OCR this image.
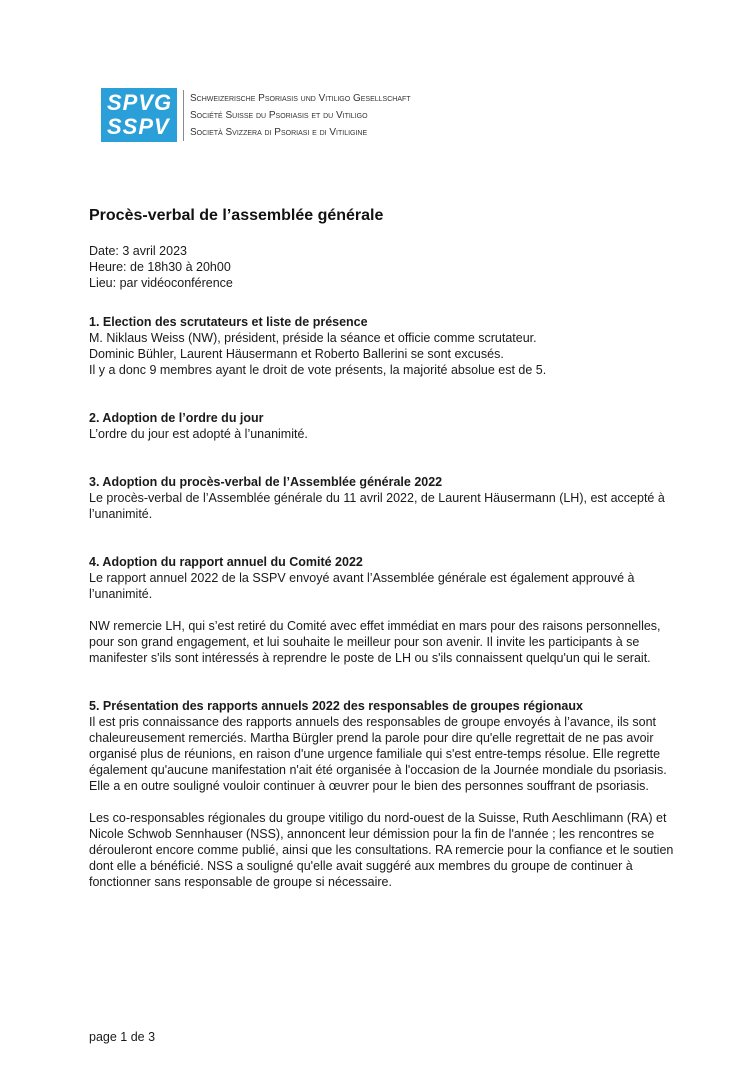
SPVG
SSPV
Schweizerische Psoriasis und Vitiligo Gesellschaft
Société Suisse du Psoriasis et du Vitiligo
Società Svizzera di Psoriasi e di Vitiligine
Procès-verbal de l’assemblée générale

Date: 3 avril 2023

Heure: de 18h30 à 20h00

Lieu: par vidéoconférence

1. Election des scrutateurs et liste de présence

M. Niklaus Weiss (NW), président, préside la séance et officie comme scrutateur.

Dominic Bühler, Laurent Häusermann et Roberto Ballerini se sont excusés.

Il y a donc 9 membres ayant le droit de vote présents, la majorité absolue est de 5.

2. Adoption de l’ordre du jour

L’ordre du jour est adopté à l’unanimité.

3. Adoption du procès-verbal de l’Assemblée générale 2022

Le procès-verbal de l’Assemblée générale du 11 avril 2022, de Laurent Häusermann (LH), est accepté à l’unanimité.

4. Adoption du rapport annuel du Comité 2022

Le rapport annuel 2022 de la SSPV envoyé avant l’Assemblée générale est également approuvé à l’unanimité.

NW remercie LH, qui s’est retiré du Comité avec effet immédiat en mars pour des raisons personnelles, pour son grand engagement, et lui souhaite le meilleur pour son avenir. Il invite les participants à se manifester s'ils sont intéressés à reprendre le poste de LH ou s'ils connaissent quelqu'un qui le serait.

5. Présentation des rapports annuels 2022 des responsables de groupes régionaux

Il est pris connaissance des rapports annuels des responsables de groupe envoyés à l’avance, ils sont chaleureusement remerciés. Martha Bürgler prend la parole pour dire qu'elle regrettait de ne pas avoir organisé plus de réunions, en raison d'une urgence familiale qui s'est entre-temps résolue. Elle regrette également qu'aucune manifestation n'ait été organisée à l'occasion de la Journée mondiale du psoriasis. Elle a en outre souligné vouloir continuer à œuvrer pour le bien des personnes souffrant de psoriasis.

Les co-responsables régionales du groupe vitiligo du nord-ouest de la Suisse, Ruth Aeschlimann (RA) et Nicole Schwob Sennhauser (NSS), annoncent leur démission pour la fin de l'année ; les rencontres se dérouleront encore comme publié, ainsi que les consultations. RA remercie pour la confiance et le soutien dont elle a bénéficié. NSS a souligné qu'elle avait suggéré aux membres du groupe de continuer à fonctionner sans responsable de groupe si nécessaire.

page 1 de 3
